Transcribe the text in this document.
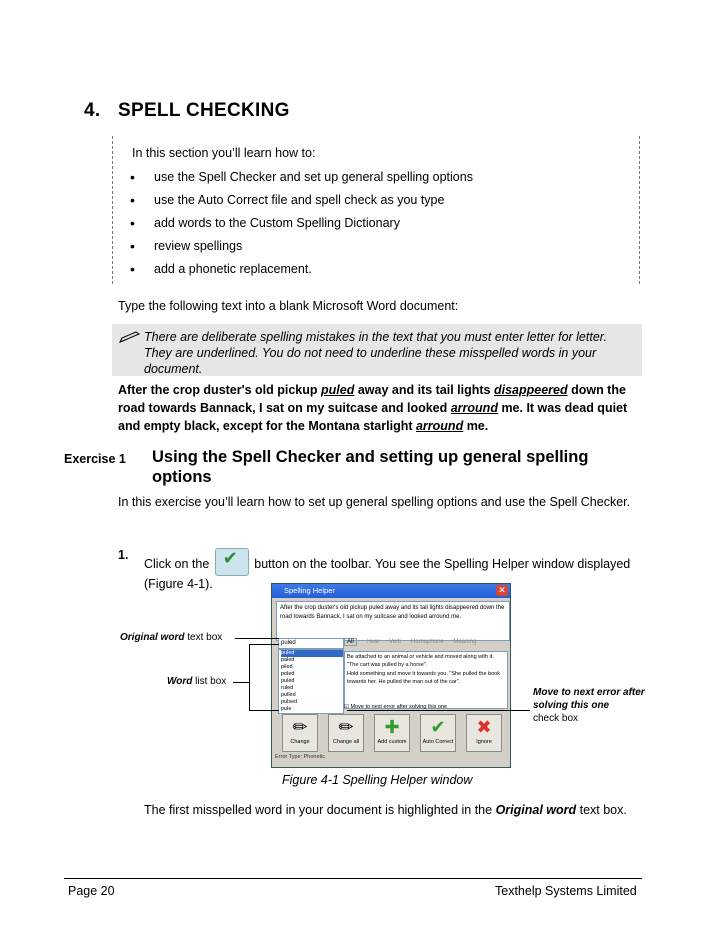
4. SPELL CHECKING
In this section you’ll learn how to:
• use the Spell Checker and set up general spelling options
• use the Auto Correct file and spell check as you type
• add words to the Custom Spelling Dictionary
• review spellings
• add a phonetic replacement.
Type the following text into a blank Microsoft Word document:
There are deliberate spelling mistakes in the text that you must enter letter for letter. They are underlined. You do not need to underline these misspelled words in your document.
After the crop duster's old pickup puled away and its tail lights disappeered down the road towards Bannack, I sat on my suitcase and looked arround me. It was dead quiet and empty black, except for the Montana starlight arround me.
Exercise 1 Using the Spell Checker and setting up general spelling options
In this exercise you’ll learn how to set up general spelling options and use the Spell Checker.
1.
Click on the ✔	button on the toolbar. You see the Spelling Helper window displayed (Figure 4-1).	Spelling Helper	✕
After the crop duster's old pickup puled away and its tail lights disappeered down the road towards Bannack, I sat on my suitcase and looked arround me.
puled
puled
paled
piled
poled
puled
ruled
pulled
pulsed
pule
All Hear Verb Homophone Meaning
Be attached to an animal or vehicle and moved along with it. "The cart was pulled by a horse".
Hold something and move it towards you. "She pulled the book towards her. He pulled the man out of the car".
☑ Move to next error after solving this one
✏
Change
✏
Change all
✚
Add custom
✔
Auto Correct
✖
Ignore
Error Type: Phonetic
Original word text box
Word list box
Move to next error after solving this one
check box
Figure 4-1 Spelling Helper window
The first misspelled word in your document is highlighted in the Original word text box.
Page 20	Texthelp Systems Limited
